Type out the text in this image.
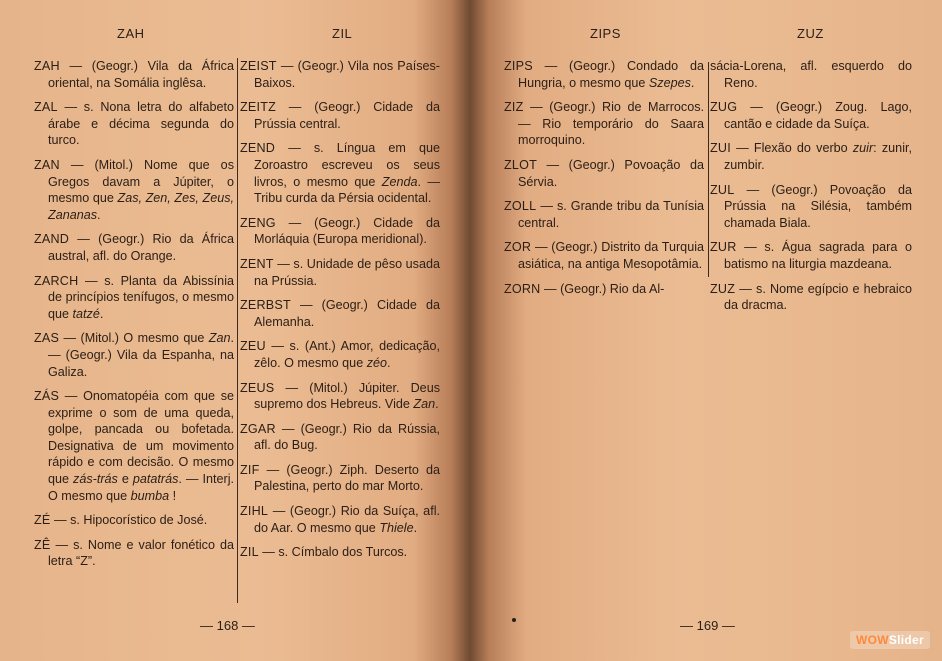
ZAH	ZIL

ZAH — (Geogr.) Vila da África oriental, na Somália inglêsa.

ZAL — s. Nona letra do alfabeto árabe e décima segunda do turco.

ZAN — (Mitol.) Nome que os Gregos davam a Júpiter, o mesmo que Zas, Zen, Zes, Zeus, Zananas.

ZAND — (Geogr.) Rio da África austral, afl. do Orange.

ZARCH — s. Planta da Abissínia de princípios tenífugos, o mesmo que tatzé.

ZAS — (Mitol.) O mesmo que Zan. — (Geogr.) Vila da Espanha, na Galiza.

ZÁS — Onomatopéia com que se exprime o som de uma queda, golpe, pancada ou bofetada. Designativa de um movimento rápido e com decisão. O mesmo que zás-trás e patatrás. — Interj. O mesmo que bumba !

ZÉ — s. Hipocorístico de José.

ZÊ — s. Nome e valor fonético da letra “Z”.

ZEIST — (Geogr.) Vila nos Países-Baixos.

ZEITZ — (Geogr.) Cidade da Prússia central.

ZEND — s. Língua em que Zoroastro escreveu os seus livros, o mesmo que Zenda. — Tribu curda da Pérsia ocidental.

ZENG — (Geogr.) Cidade da Morláquia (Europa meridional).

ZENT — s. Unidade de pêso usada na Prússia.

ZERBST — (Geogr.) Cidade da Alemanha.

ZEU — s. (Ant.) Amor, dedicação, zêlo. O mesmo que zéo.

ZEUS — (Mitol.) Júpiter. Deus supremo dos Hebreus. Vide Zan.

ZGAR — (Geogr.) Rio da Rússia, afl. do Bug.

ZIF — (Geogr.) Ziph. Deserto da Palestina, perto do mar Morto.

ZIHL — (Geogr.) Rio da Suíça, afl. do Aar. O mesmo que Thiele.

ZIL — s. Címbalo dos Turcos.

— 168 —
ZIPS	ZUZ

ZIPS — (Geogr.) Condado da Hungria, o mesmo que Szepes.

ZIZ — (Geogr.) Rio de Marrocos. — Rio temporário do Saara morroquino.

ZLOT — (Geogr.) Povoação da Sérvia.

ZOLL — s. Grande tribu da Tunísia central.

ZOR — (Geogr.) Distrito da Turquia asiática, na antiga Mesopotâmia.

ZORN — (Geogr.) Rio da Al-

sácia-Lorena, afl. esquerdo do Reno.

ZUG — (Geogr.) Zoug. Lago, cantão e cidade da Suíça.

ZUI — Flexão do verbo zuir: zunir, zumbir.

ZUL — (Geogr.) Povoação da Prússia na Silésia, também chamada Biala.

ZUR — s. Água sagrada para o batismo na liturgia mazdeana.

ZUZ — s. Nome egípcio e hebraico da dracma.

— 169 —
WOWSlider
